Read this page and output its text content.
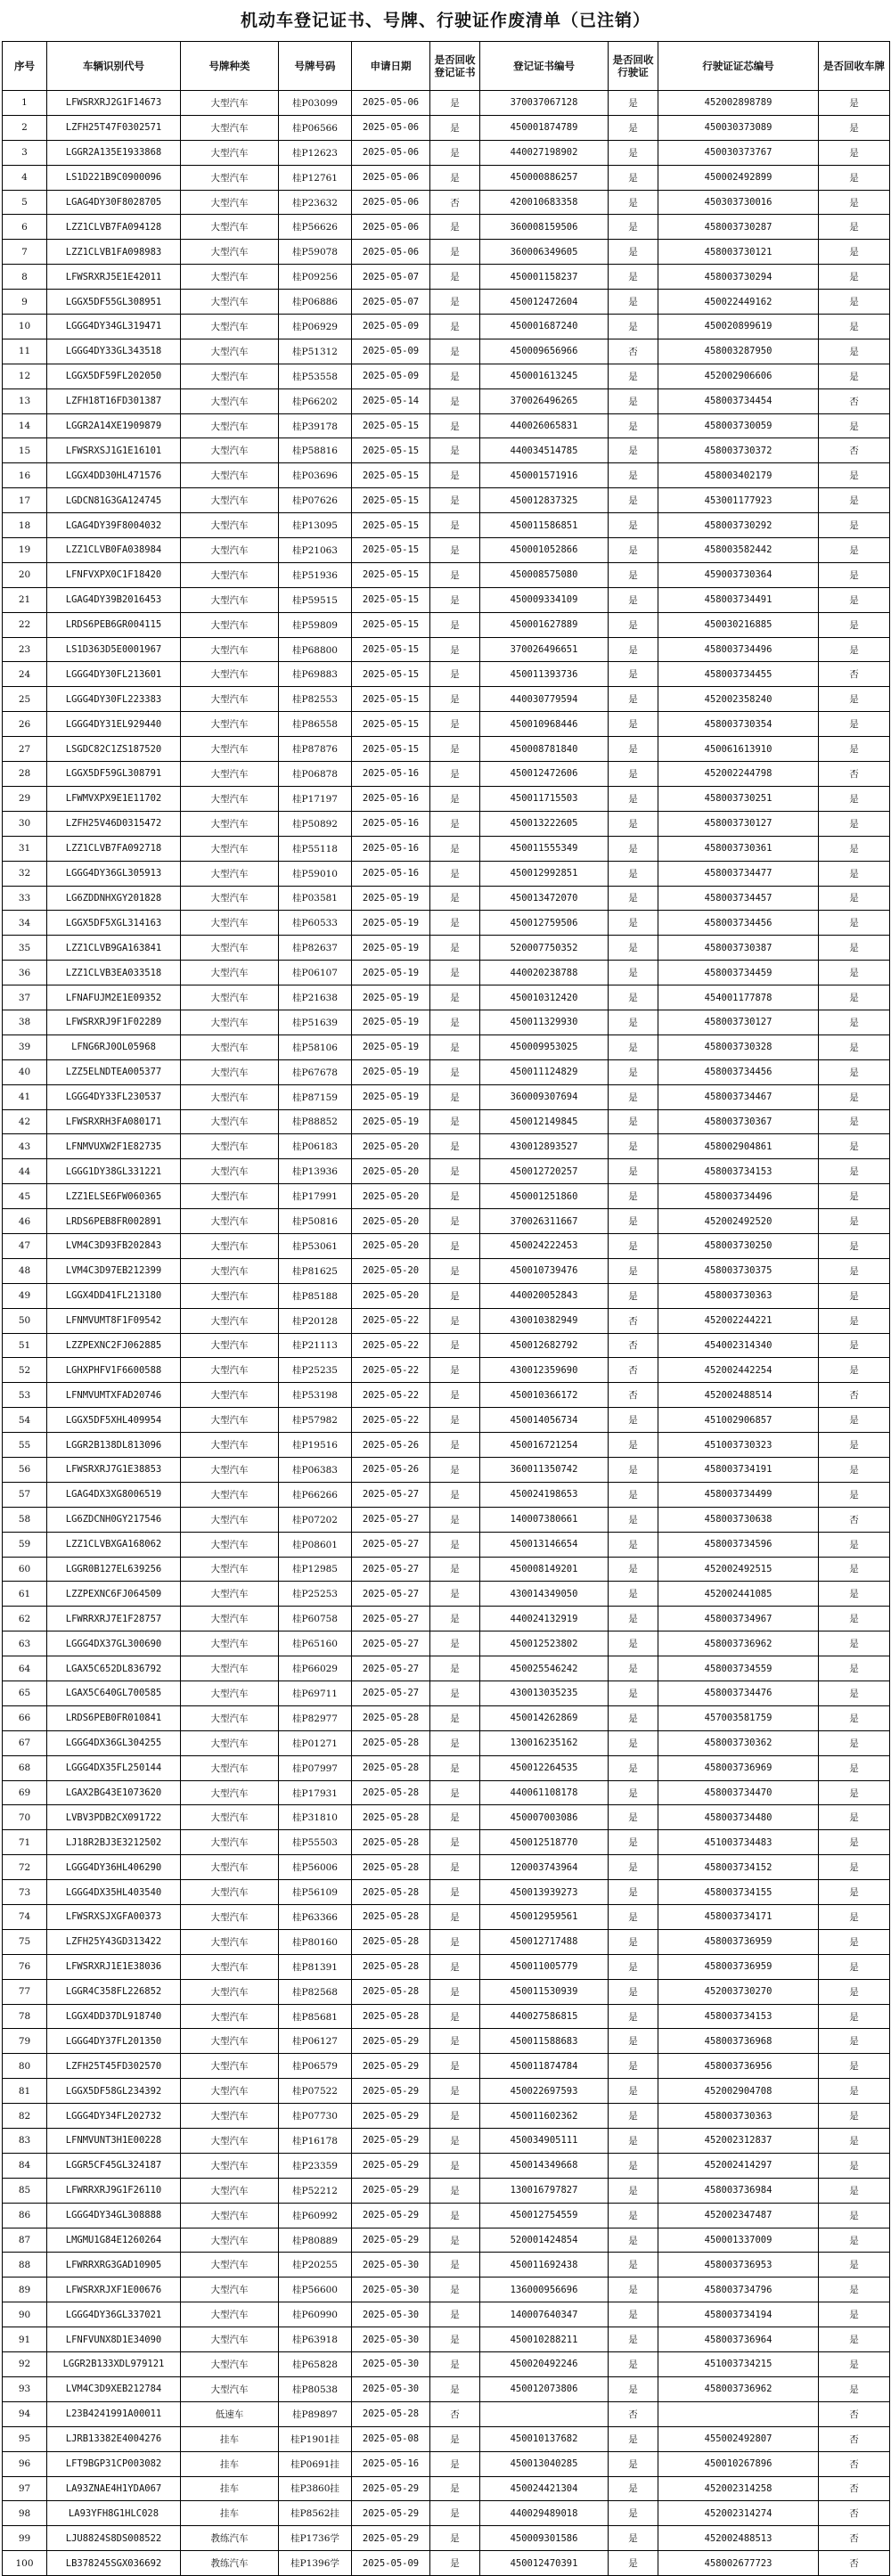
机动车登记证书、号牌、行驶证作废清单（已注销）
序号	车辆识别代号	号牌种类	号牌号码	申请日期	是否回收登记证书	登记证书编号	是否回收行驶证	行驶证证芯编号	是否回收车牌
1	LFWSRXRJ2G1F14673	大型汽车	桂P03099	2025-05-06	是	370037067128	是	452002898789	是
2	LZFH25T47F0302571	大型汽车	桂P06566	2025-05-06	是	450001874789	是	450030373089	是
3	LGGR2A135E1933868	大型汽车	桂P12623	2025-05-06	是	440027198902	是	450030373767	是
4	LS1D221B9C0900096	大型汽车	桂P12761	2025-05-06	是	450000886257	是	450002492899	是
5	LGAG4DY30F8028705	大型汽车	桂P23632	2025-05-06	否	420010683358	是	450303730016	是
6	LZZ1CLVB7FA094128	大型汽车	桂P56626	2025-05-06	是	360008159506	是	458003730287	是
7	LZZ1CLVB1FA098983	大型汽车	桂P59078	2025-05-06	是	360006349605	是	458003730121	是
8	LFWSRXRJ5E1E42011	大型汽车	桂P09256	2025-05-07	是	450001158237	是	458003730294	是
9	LGGX5DF55GL308951	大型汽车	桂P06886	2025-05-07	是	450012472604	是	450022449162	是
10	LGGG4DY34GL319471	大型汽车	桂P06929	2025-05-09	是	450001687240	是	450020899619	是
11	LGGG4DY33GL343518	大型汽车	桂P51312	2025-05-09	是	450009656966	否	458003287950	是
12	LGGX5DF59FL202050	大型汽车	桂P53558	2025-05-09	是	450001613245	是	452002906606	是
13	LZFH18T16FD301387	大型汽车	桂P66202	2025-05-14	是	370026496265	是	458003734454	否
14	LGGR2A14XE1909879	大型汽车	桂P39178	2025-05-15	是	440026065831	是	458003730059	是
15	LFWSRXSJ1G1E16101	大型汽车	桂P58816	2025-05-15	是	440034514785	是	458003730372	否
16	LGGX4DD30HL471576	大型汽车	桂P03696	2025-05-15	是	450001571916	是	458003402179	是
17	LGDCN81G3GA124745	大型汽车	桂P07626	2025-05-15	是	450012837325	是	453001177923	是
18	LGAG4DY39F8004032	大型汽车	桂P13095	2025-05-15	是	450011586851	是	458003730292	是
19	LZZ1CLVB0FA038984	大型汽车	桂P21063	2025-05-15	是	450001052866	是	458003582442	是
20	LFNFVXPX0C1F18420	大型汽车	桂P51936	2025-05-15	是	450008575080	是	459003730364	是
21	LGAG4DY39B2016453	大型汽车	桂P59515	2025-05-15	是	450009334109	是	458003734491	是
22	LRDS6PEB6GR004115	大型汽车	桂P59809	2025-05-15	是	450001627889	是	450030216885	是
23	LS1D363D5E0001967	大型汽车	桂P68800	2025-05-15	是	370026496651	是	458003734496	是
24	LGGG4DY30FL213601	大型汽车	桂P69883	2025-05-15	是	450011393736	是	458003734455	否
25	LGGG4DY30FL223383	大型汽车	桂P82553	2025-05-15	是	440030779594	是	452002358240	是
26	LGGG4DY31EL929440	大型汽车	桂P86558	2025-05-15	是	450010968446	是	458003730354	是
27	LSGDC82C1ZS187520	大型汽车	桂P87876	2025-05-15	是	450008781840	是	450061613910	是
28	LGGX5DF59GL308791	大型汽车	桂P06878	2025-05-16	是	450012472606	是	452002244798	否
29	LFWMVXPX9E1E11702	大型汽车	桂P17197	2025-05-16	是	450011715503	是	458003730251	是
30	LZFH25V46D0315472	大型汽车	桂P50892	2025-05-16	是	450013222605	是	458003730127	是
31	LZZ1CLVB7FA092718	大型汽车	桂P55118	2025-05-16	是	450011555349	是	458003730361	是
32	LGGG4DY36GL305913	大型汽车	桂P59010	2025-05-16	是	450012992851	是	458003734477	是
33	LG6ZDDNHXGY201828	大型汽车	桂P03581	2025-05-19	是	450013472070	是	458003734457	是
34	LGGX5DF5XGL314163	大型汽车	桂P60533	2025-05-19	是	450012759506	是	458003734456	是
35	LZZ1CLVB9GA163841	大型汽车	桂P82637	2025-05-19	是	520007750352	是	458003730387	是
36	LZZ1CLVB3EA033518	大型汽车	桂P06107	2025-05-19	是	440020238788	是	458003734459	是
37	LFNAFUJM2E1E09352	大型汽车	桂P21638	2025-05-19	是	450010312420	是	454001177878	是
38	LFWSRXRJ9F1F02289	大型汽车	桂P51639	2025-05-19	是	450011329930	是	458003730127	是
39	LFNG6RJ0OL05968	大型汽车	桂P58106	2025-05-19	是	450009953025	是	458003730328	是
40	LZZ5ELNDTEA005377	大型汽车	桂P67678	2025-05-19	是	450011124829	是	458003734456	是
41	LGGG4DY33FL230537	大型汽车	桂P87159	2025-05-19	是	360009307694	是	458003734467	是
42	LFWSRXRH3FA080171	大型汽车	桂P88852	2025-05-19	是	450012149845	是	458003730367	是
43	LFNMVUXW2F1E82735	大型汽车	桂P06183	2025-05-20	是	430012893527	是	458002904861	是
44	LGGG1DY38GL331221	大型汽车	桂P13936	2025-05-20	是	450012720257	是	458003734153	是
45	LZZ1ELSE6FW060365	大型汽车	桂P17991	2025-05-20	是	450001251860	是	458003734496	是
46	LRDS6PEB8FR002891	大型汽车	桂P50816	2025-05-20	是	370026311667	是	452002492520	是
47	LVM4C3D93FB202843	大型汽车	桂P53061	2025-05-20	是	450024222453	是	458003730250	是
48	LVM4C3D97EB212399	大型汽车	桂P81625	2025-05-20	是	450010739476	是	458003730375	是
49	LGGX4DD41FL213180	大型汽车	桂P85188	2025-05-20	是	440020052843	是	458003730363	是
50	LFNMVUMT8F1F09542	大型汽车	桂P20128	2025-05-22	是	430010382949	否	452002244221	是
51	LZZPEXNC2FJ062885	大型汽车	桂P21113	2025-05-22	是	450012682792	否	454002314340	是
52	LGHXPHFV1F6600588	大型汽车	桂P25235	2025-05-22	是	430012359690	否	452002442254	是
53	LFNMVUMTXFAD20746	大型汽车	桂P53198	2025-05-22	是	450010366172	否	452002488514	否
54	LGGX5DF5XHL409954	大型汽车	桂P57982	2025-05-22	是	450014056734	是	451002906857	是
55	LGGR2B138DL813096	大型汽车	桂P19516	2025-05-26	是	450016721254	是	451003730323	是
56	LFWSRXRJ7G1E38853	大型汽车	桂P06383	2025-05-26	是	360011350742	是	458003734191	是
57	LGAG4DX3XG8006519	大型汽车	桂P66266	2025-05-27	是	450024198653	是	458003734499	是
58	LG6ZDCNH0GY217546	大型汽车	桂P07202	2025-05-27	是	140007380661	是	458003730638	否
59	LZZ1CLVBXGA168062	大型汽车	桂P08601	2025-05-27	是	450013146654	是	458003734596	是
60	LGGR0B127EL639256	大型汽车	桂P12985	2025-05-27	是	450008149201	是	452002492515	是
61	LZZPEXNC6FJ064509	大型汽车	桂P25253	2025-05-27	是	430014349050	是	452002441085	是
62	LFWRRXRJ7E1F28757	大型汽车	桂P60758	2025-05-27	是	440024132919	是	458003734967	是
63	LGGG4DX37GL300690	大型汽车	桂P65160	2025-05-27	是	450012523802	是	458003736962	是
64	LGAX5C652DL836792	大型汽车	桂P66029	2025-05-27	是	450025546242	是	458003734559	是
65	LGAX5C640GL700585	大型汽车	桂P69711	2025-05-27	是	430013035235	是	458003734476	是
66	LRDS6PEB0FR010841	大型汽车	桂P82977	2025-05-28	是	450014262869	是	457003581759	是
67	LGGG4DX36GL304255	大型汽车	桂P01271	2025-05-28	是	130016235162	是	458003730362	是
68	LGGG4DX35FL250144	大型汽车	桂P07997	2025-05-28	是	450012264535	是	458003736969	是
69	LGAX2BG43E1073620	大型汽车	桂P17931	2025-05-28	是	440061108178	是	458003734470	是
70	LVBV3PDB2CX091722	大型汽车	桂P31810	2025-05-28	是	450007003086	是	458003734480	是
71	LJ18R2BJ3E3212502	大型汽车	桂P55503	2025-05-28	是	450012518770	是	451003734483	是
72	LGGG4DY36HL406290	大型汽车	桂P56006	2025-05-28	是	120003743964	是	458003734152	是
73	LGGG4DX35HL403540	大型汽车	桂P56109	2025-05-28	是	450013939273	是	458003734155	是
74	LFWSRXSJXGFA00373	大型汽车	桂P63366	2025-05-28	是	450012959561	是	458003734171	是
75	LZFH25Y43GD313422	大型汽车	桂P80160	2025-05-28	是	450012717488	是	458003736959	是
76	LFWSRXRJ1E1E38036	大型汽车	桂P81391	2025-05-28	是	450011005779	是	458003736959	是
77	LGGR4C358FL226852	大型汽车	桂P82568	2025-05-28	是	450011530939	是	452003730270	是
78	LGGX4DD37DL918740	大型汽车	桂P85681	2025-05-28	是	440027586815	是	458003734153	是
79	LGGG4DY37FL201350	大型汽车	桂P06127	2025-05-29	是	450011588683	是	458003736968	是
80	LZFH25T45FD302570	大型汽车	桂P06579	2025-05-29	是	450011874784	是	458003736956	是
81	LGGX5DF58GL234392	大型汽车	桂P07522	2025-05-29	是	450022697593	是	452002904708	是
82	LGGG4DY34FL202732	大型汽车	桂P07730	2025-05-29	是	450011602362	是	458003730363	是
83	LFNMVUNT3H1E00228	大型汽车	桂P16178	2025-05-29	是	450034905111	是	452002312837	是
84	LGGR5CF45GL324187	大型汽车	桂P23359	2025-05-29	是	450014349668	是	452002414297	是
85	LFWRRXRJ9G1F26110	大型汽车	桂P52212	2025-05-29	是	130016797827	是	458003736984	是
86	LGGG4DY34GL308888	大型汽车	桂P60992	2025-05-29	是	450012754559	是	452002347487	是
87	LMGMU1G84E1260264	大型汽车	桂P80889	2025-05-29	是	520001424854	是	450001337009	是
88	LFWRRXRG3GAD10905	大型汽车	桂P20255	2025-05-30	是	450011692438	是	458003736953	是
89	LFWSRXRJXF1E00676	大型汽车	桂P56600	2025-05-30	是	136000956696	是	458003734796	是
90	LGGG4DY36GL337021	大型汽车	桂P60990	2025-05-30	是	140007640347	是	458003734194	是
91	LFNFVUNX8D1E34090	大型汽车	桂P63918	2025-05-30	是	450010288211	是	458003736964	是
92	LGGR2B133XDL979121	大型汽车	桂P65828	2025-05-30	是	450020492246	是	451003734215	是
93	LVM4C3D9XEB212784	大型汽车	桂P80538	2025-05-30	是	450012073806	是	458003736962	是
94	L23B4241991A00011	低速车	桂P89897	2025-05-28	否		否		否
95	LJRB13382E4004276	挂车	桂P1901挂	2025-05-08	是	450010137682	是	455002492807	否
96	LFT9BGP31CP003082	挂车	桂P0691挂	2025-05-16	是	450013040285	是	450010267896	否
97	LA93ZNAE4H1YDA067	挂车	桂P3860挂	2025-05-29	是	450024421304	是	452002314258	否
98	LA93YFH8G1HLC028	挂车	桂P8562挂	2025-05-29	是	440029489018	是	452002314274	否
99	LJU8824S8DS008522	教练汽车	桂P1736学	2025-05-29	是	450009301586	是	452002488513	否
100	LB378245SGX036692	教练汽车	桂P1396学	2025-05-09	是	450012470391	是	458002677723	否
